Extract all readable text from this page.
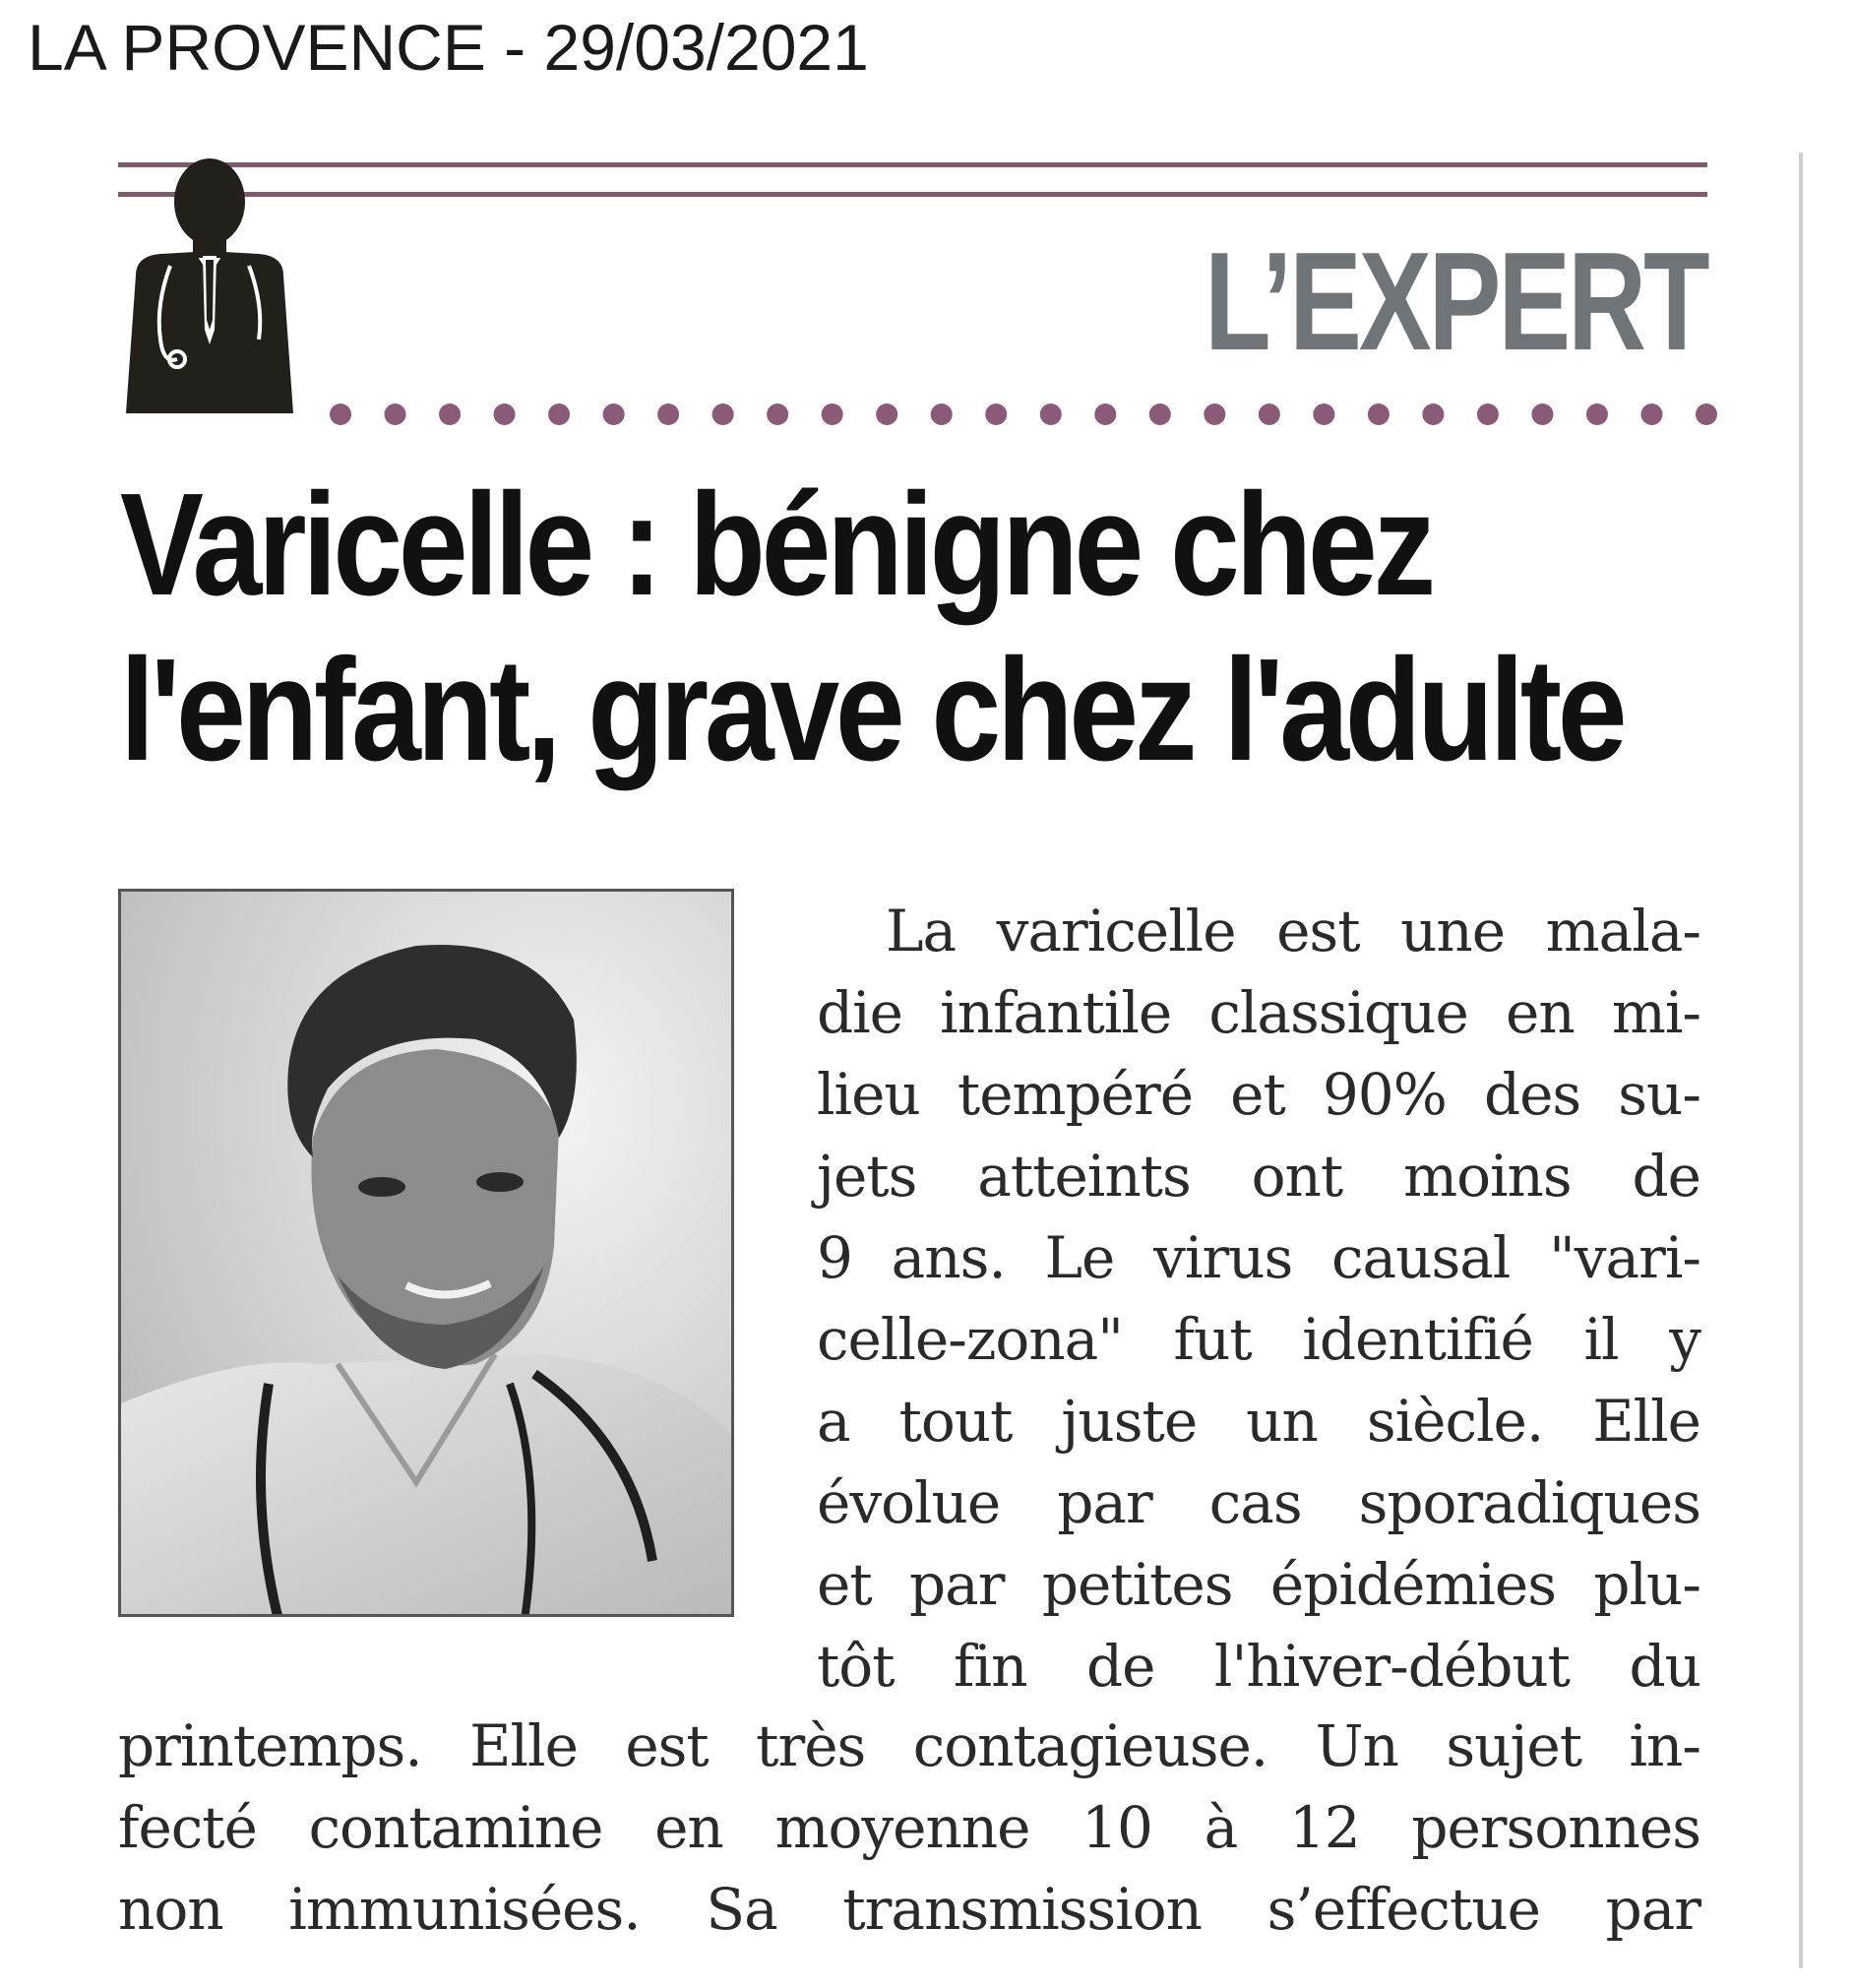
LA PROVENCE - 29/03/2021
L’EXPERT
Varicelle : bénigne chez
l'enfant, grave chez l'adulte

La varicelle est une mala-
die infantile classique en mi-
lieu tempéré et 90% des su-
jets atteints ont moins de
9 ans. Le virus causal "vari-
celle-zona" fut identifié il y
a tout juste un siècle. Elle
évolue par cas sporadiques
et par petites épidémies plu-
tôt fin de l'hiver-début du

printemps. Elle est très contagieuse. Un sujet in-
fecté contamine en moyenne 10 à 12 personnes
non immunisées. Sa transmission s’effectue par
